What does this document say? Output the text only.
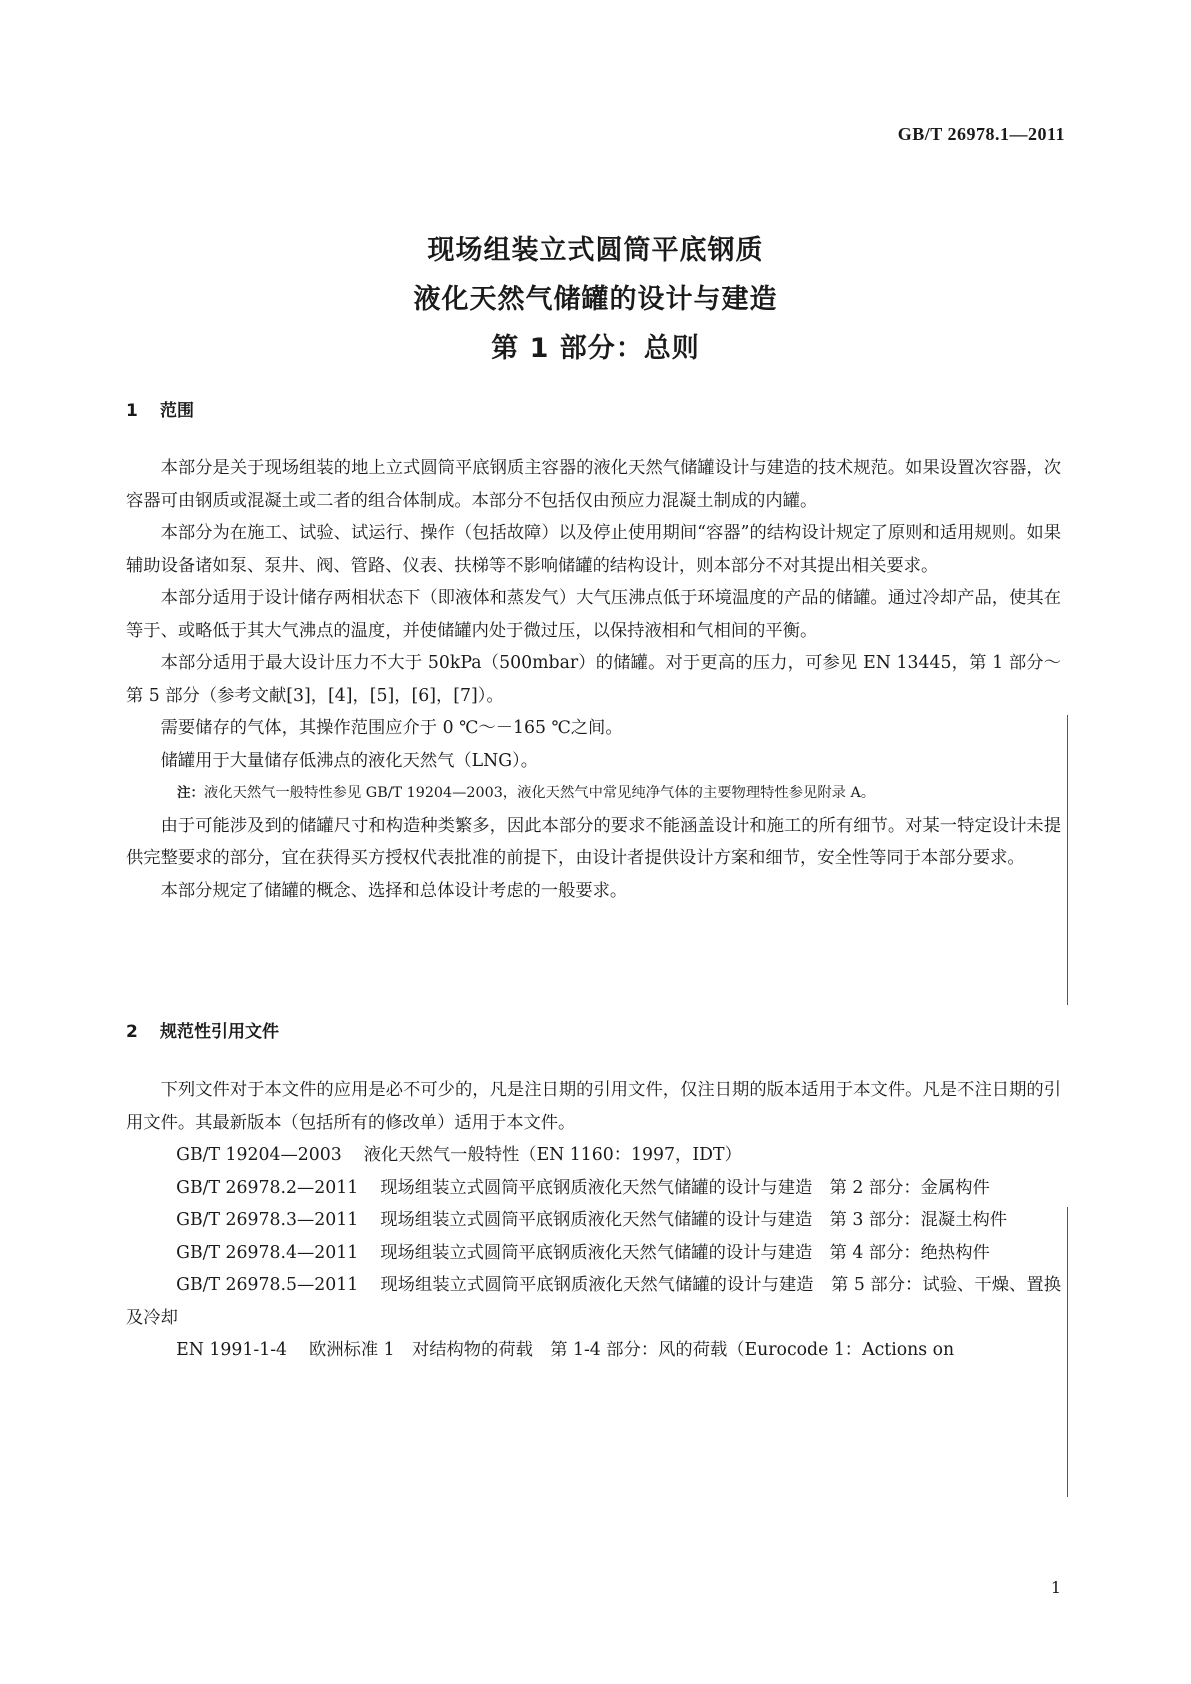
GB/T 26978.1—2011
现场组装立式圆筒平底钢质
液化天然气储罐的设计与建造
第 1 部分：总则
1 范围

本部分是关于现场组装的地上立式圆筒平底钢质主容器的液化天然气储罐设计与建造的技术规范。如果设置次容器，次容器可由钢质或混凝土或二者的组合体制成。本部分不包括仅由预应力混凝土制成的内罐。

本部分为在施工、试验、试运行、操作（包括故障）以及停止使用期间“容器”的结构设计规定了原则和适用规则。如果辅助设备诸如泵、泵井、阀、管路、仪表、扶梯等不影响储罐的结构设计，则本部分不对其提出相关要求。

本部分适用于设计储存两相状态下（即液体和蒸发气）大气压沸点低于环境温度的产品的储罐。通过冷却产品，使其在等于、或略低于其大气沸点的温度，并使储罐内处于微过压，以保持液相和气相间的平衡。

本部分适用于最大设计压力不大于 50kPa（500mbar）的储罐。对于更高的压力，可参见 EN 13445，第 1 部分～第 5 部分（参考文献[3]，[4]，[5]，[6]，[7]）。

需要储存的气体，其操作范围应介于 0 ℃～－165 ℃之间。

储罐用于大量储存低沸点的液化天然气（LNG）。

注：液化天然气一般特性参见 GB/T 19204—2003，液化天然气中常见纯净气体的主要物理特性参见附录 A。

由于可能涉及到的储罐尺寸和构造种类繁多，因此本部分的要求不能涵盖设计和施工的所有细节。对某一特定设计未提供完整要求的部分，宜在获得买方授权代表批准的前提下，由设计者提供设计方案和细节，安全性等同于本部分要求。

本部分规定了储罐的概念、选择和总体设计考虑的一般要求。

2 规范性引用文件

下列文件对于本文件的应用是必不可少的，凡是注日期的引用文件，仅注日期的版本适用于本文件。凡是不注日期的引用文件。其最新版本（包括所有的修改单）适用于本文件。

GB/T 19204—2003 液化天然气一般特性（EN 1160：1997，IDT）

GB/T 26978.2—2011 现场组装立式圆筒平底钢质液化天然气储罐的设计与建造　第 2 部分：金属构件

GB/T 26978.3—2011 现场组装立式圆筒平底钢质液化天然气储罐的设计与建造　第 3 部分：混凝土构件

GB/T 26978.4—2011 现场组装立式圆筒平底钢质液化天然气储罐的设计与建造　第 4 部分：绝热构件

GB/T 26978.5—2011 现场组装立式圆筒平底钢质液化天然气储罐的设计与建造　第 5 部分：试验、干燥、置换及冷却

EN 1991-1-4 欧洲标准 1　对结构物的荷载　第 1-4 部分：风的荷载（Eurocode 1：Actions on

1
